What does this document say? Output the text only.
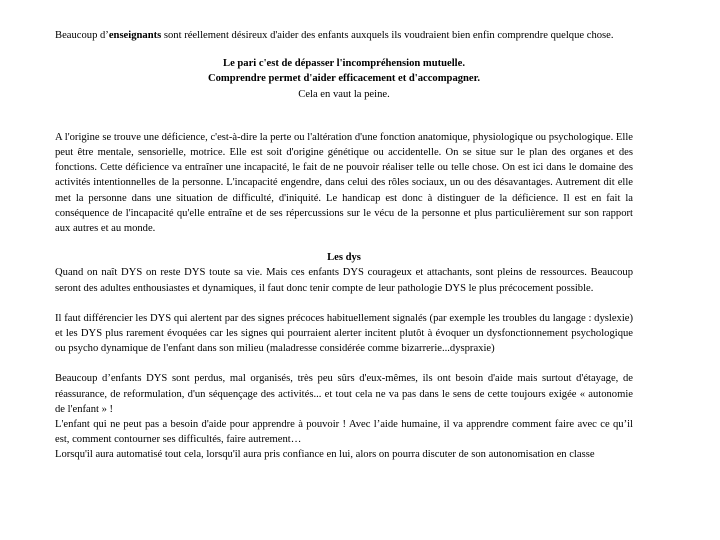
Beaucoup d’enseignants sont réellement désireux d'aider des enfants auxquels ils voudraient bien enfin comprendre quelque chose.

Le pari c'est de dépasser l'incompréhension mutuelle.
Comprendre permet d'aider efficacement et d'accompagner.
Cela en vaut la peine.

A l'origine se trouve une déficience, c'est-à-dire la perte ou l'altération d'une fonction anatomique, physiologique ou psychologique. Elle peut être mentale, sensorielle, motrice. Elle est soit d'origine génétique ou accidentelle. On se situe sur le plan des organes et des fonctions. Cette déficience va entraîner une incapacité, le fait de ne pouvoir réaliser telle ou telle chose. On est ici dans le domaine des activités intentionnelles de la personne. L'incapacité engendre, dans celui des rôles sociaux, un ou des désavantages. Autrement dit elle met la personne dans une situation de difficulté, d'iniquité. Le handicap est donc à distinguer de la déficience. Il est en fait la conséquence de l'incapacité qu'elle entraîne et de ses répercussions sur le vécu de la personne et plus particulièrement sur son rapport aux autres et au monde.

Les dys

Quand on naît DYS on reste DYS toute sa vie. Mais ces enfants DYS courageux et attachants, sont pleins de ressources. Beaucoup seront des adultes enthousiastes et dynamiques, il faut donc tenir compte de leur pathologie DYS le plus précocement possible.

Il faut différencier les DYS qui alertent par des signes précoces habituellement signalés (par exemple les troubles du langage : dyslexie) et les DYS plus rarement évoquées car les signes qui pourraient alerter incitent plutôt à évoquer un dysfonctionnement psychologique ou psycho dynamique de l'enfant dans son milieu (maladresse considérée comme bizarrerie...dyspraxie)

Beaucoup d’enfants DYS sont perdus, mal organisés, très peu sûrs d'eux-mêmes, ils ont besoin d'aide mais surtout d'étayage, de réassurance, de reformulation, d'un séquençage des activités... et tout cela ne va pas dans le sens de cette toujours exigée « autonomie de l'enfant » !

L'enfant qui ne peut pas a besoin d'aide pour apprendre à pouvoir ! Avec l’aide humaine, il va apprendre comment faire avec ce qu’il est, comment contourner ses difficultés, faire autrement…

Lorsqu'il aura automatisé tout cela, lorsqu'il aura pris confiance en lui, alors on pourra discuter de son autonomisation en classe
